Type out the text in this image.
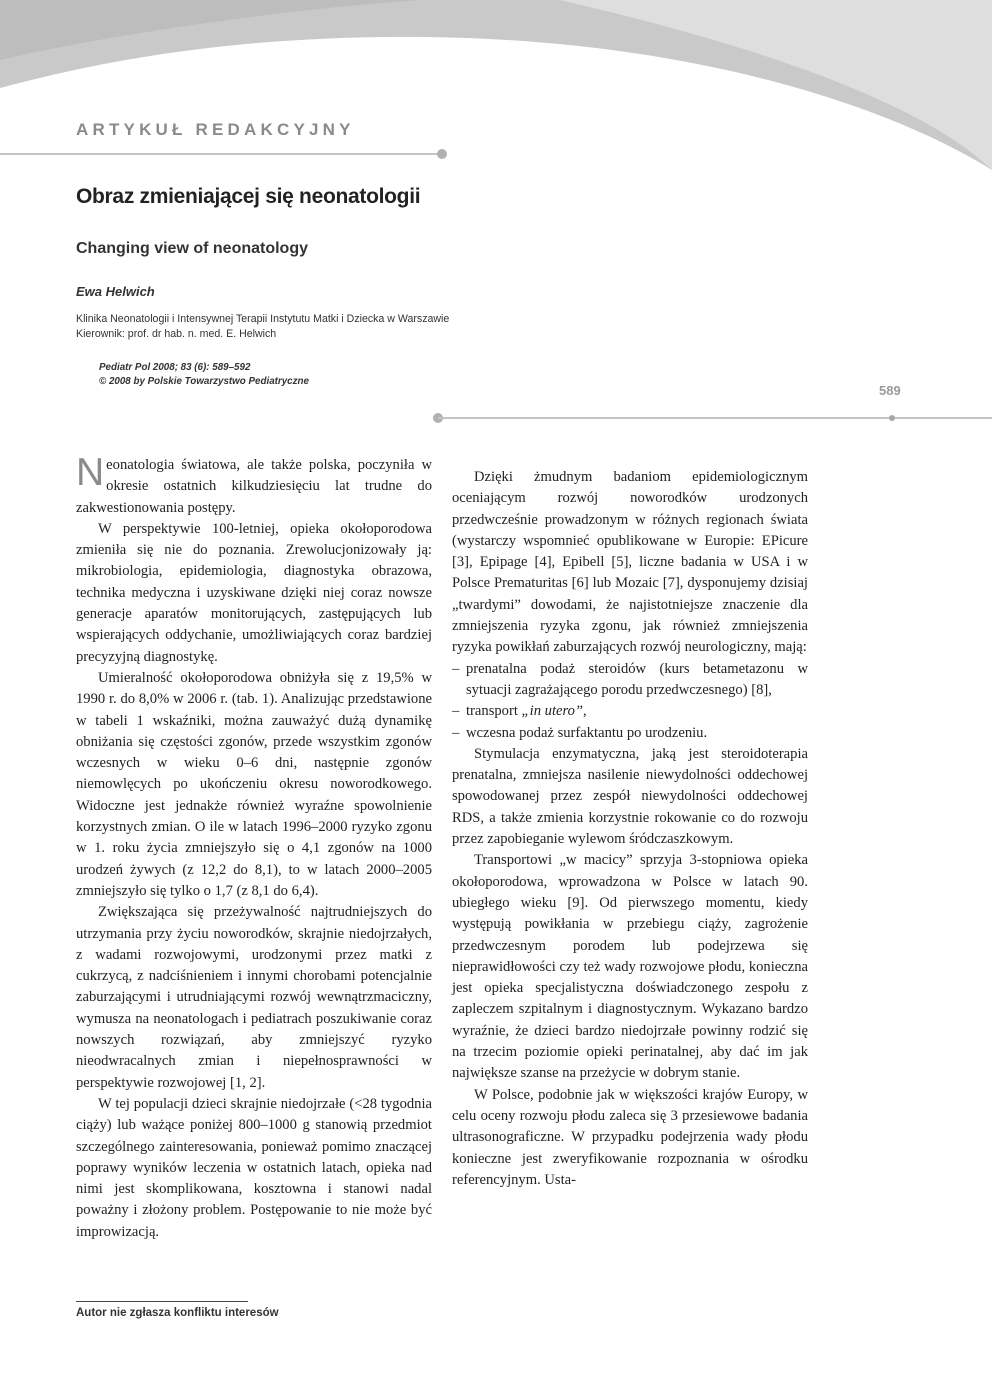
ARTYKUŁ REDAKCYJNY
Obraz zmieniającej się neonatologii
Changing view of neonatology
Ewa Helwich
Klinika Neonatologii i Intensywnej Terapii Instytutu Matki i Dziecka w Warszawie
Kierownik: prof. dr hab. n. med. E. Helwich
Pediatr Pol 2008; 83 (6): 589–592
© 2008 by Polskie Towarzystwo Pediatryczne
589

Neonatologia światowa, ale także polska, poczyniła w okresie ostatnich kilkudziesięciu lat trudne do zakwestionowania postępy.

W perspektywie 100-letniej, opieka okołoporodowa zmieniła się nie do poznania. Zrewolucjonizowały ją: mikrobiologia, epidemiologia, diagnostyka obrazowa, technika medyczna i uzyskiwane dzięki niej coraz nowsze generacje aparatów monitorujących, zastępujących lub wspierających oddychanie, umożliwiających coraz bardziej precyzyjną diagnostykę.

Umieralność okołoporodowa obniżyła się z 19,5% w 1990 r. do 8,0% w 2006 r. (tab. 1). Analizując przedstawione w tabeli 1 wskaźniki, można zauważyć dużą dynamikę obniżania się częstości zgonów, przede wszystkim zgonów wczesnych w wieku 0–6 dni, następnie zgonów niemowlęcych po ukończeniu okresu noworodkowego. Widoczne jest jednakże również wyraźne spowolnienie korzystnych zmian. O ile w latach 1996–2000 ryzyko zgonu w 1. roku życia zmniejszyło się o 4,1 zgonów na 1000 urodzeń żywych (z 12,2 do 8,1), to w latach 2000–2005 zmniejszyło się tylko o 1,7 (z 8,1 do 6,4).

Zwiększająca się przeżywalność najtrudniejszych do utrzymania przy życiu noworodków, skrajnie niedojrzałych, z wadami rozwojowymi, urodzonymi przez matki z cukrzycą, z nadciśnieniem i innymi chorobami potencjalnie zaburzającymi i utrudniającymi rozwój wewnątrzmaciczny, wymusza na neonatologach i pediatrach poszukiwanie coraz nowszych rozwiązań, aby zmniejszyć ryzyko nieodwracalnych zmian i niepełnosprawności w perspektywie rozwojowej [1, 2].

W tej populacji dzieci skrajnie niedojrzałe (<28 tygodnia ciąży) lub ważące poniżej 800–1000 g stanowią przedmiot szczególnego zainteresowania, ponieważ pomimo znaczącej poprawy wyników leczenia w ostatnich latach, opieka nad nimi jest skomplikowana, kosztowna i stanowi nadal poważny i złożony problem. Postępowanie to nie może być improwizacją.

Dzięki żmudnym badaniom epidemiologicznym oceniającym rozwój noworodków urodzonych przedwcześnie prowadzonym w różnych regionach świata (wystarczy wspomnieć opublikowane w Europie: EPicure [3], Epipage [4], Epibell [5], liczne badania w USA i w Polsce Prematuritas [6] lub Mozaic [7], dysponujemy dzisiaj „twardymi” dowodami, że najistotniejsze znaczenie dla zmniejszenia ryzyka zgonu, jak również zmniejszenia ryzyka powikłań zaburzających rozwój neurologiczny, mają:

– prenatalna podaż steroidów (kurs betametazonu w sytuacji zagrażającego porodu przedwczesnego) [8],

– transport „in utero”,

– wczesna podaż surfaktantu po urodzeniu.

Stymulacja enzymatyczna, jaką jest steroidoterapia prenatalna, zmniejsza nasilenie niewydolności oddechowej spowodowanej przez zespół niewydolności oddechowej RDS, a także zmienia korzystnie rokowanie co do rozwoju przez zapobieganie wylewom śródczaszkowym.

Transportowi „w macicy” sprzyja 3-stopniowa opieka okołoporodowa, wprowadzona w Polsce w latach 90. ubiegłego wieku [9]. Od pierwszego momentu, kiedy występują powikłania w przebiegu ciąży, zagrożenie przedwczesnym porodem lub podejrzewa się nieprawidłowości czy też wady rozwojowe płodu, konieczna jest opieka specjalistyczna doświadczonego zespołu z zapleczem szpitalnym i diagnostycznym. Wykazano bardzo wyraźnie, że dzieci bardzo niedojrzałe powinny rodzić się na trzecim poziomie opieki perinatalnej, aby dać im jak największe szanse na przeżycie w dobrym stanie.

W Polsce, podobnie jak w większości krajów Europy, w celu oceny rozwoju płodu zaleca się 3 przesiewowe badania ultrasonograficzne. W przypadku podejrzenia wady płodu konieczne jest zweryfikowanie rozpoznania w ośrodku referencyjnym. Usta-

Autor nie zgłasza konfliktu interesów
